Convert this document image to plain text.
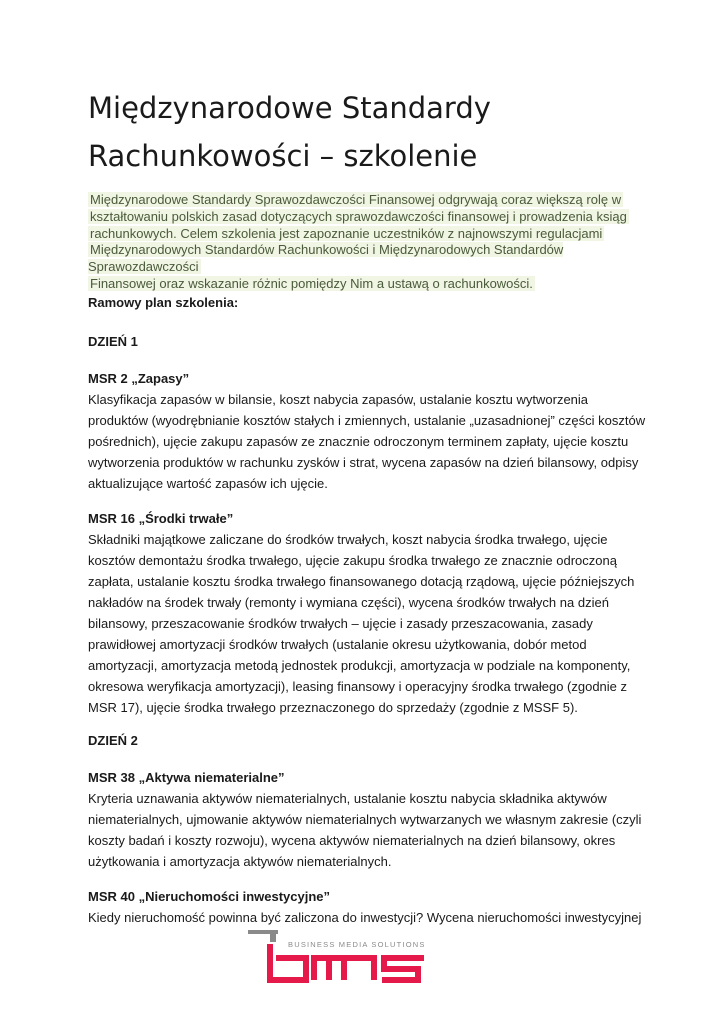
Międzynarodowe Standardy
Rachunkowości – szkolenie
Międzynarodowe Standardy Sprawozdawczości Finansowej odgrywają coraz większą rolę w
kształtowaniu polskich zasad dotyczących sprawozdawczości finansowej i prowadzenia ksiąg
rachunkowych. Celem szkolenia jest zapoznanie uczestników z najnowszymi regulacjami
Międzynarodowych Standardów Rachunkowości i Międzynarodowych Standardów Sprawozdawczości
Finansowej oraz wskazanie różnic pomiędzy Nim a ustawą o rachunkowości.
Ramowy plan szkolenia:
DZIEŃ 1
MSR 2 „Zapasy”
Klasyfikacja zapasów w bilansie, koszt nabycia zapasów, ustalanie kosztu wytworzenia
produktów (wyodrębnianie kosztów stałych i zmiennych, ustalanie „uzasadnionej” części kosztów
pośrednich), ujęcie zakupu zapasów ze znacznie odroczonym terminem zapłaty, ujęcie kosztu
wytworzenia produktów w rachunku zysków i strat, wycena zapasów na dzień bilansowy, odpisy
aktualizujące wartość zapasów ich ujęcie.
MSR 16 „Środki trwałe”
Składniki majątkowe zaliczane do środków trwałych, koszt nabycia środka trwałego, ujęcie
kosztów demontażu środka trwałego, ujęcie zakupu środka trwałego ze znacznie odroczoną
zapłata, ustalanie kosztu środka trwałego finansowanego dotacją rządową, ujęcie późniejszych
nakładów na środek trwały (remonty i wymiana części), wycena środków trwałych na dzień
bilansowy, przeszacowanie środków trwałych – ujęcie i zasady przeszacowania, zasady
prawidłowej amortyzacji środków trwałych (ustalanie okresu użytkowania, dobór metod
amortyzacji, amortyzacja metodą jednostek produkcji, amortyzacja w podziale na komponenty,
okresowa weryfikacja amortyzacji), leasing finansowy i operacyjny środka trwałego (zgodnie z
MSR 17), ujęcie środka trwałego przeznaczonego do sprzedaży (zgodnie z MSSF 5).
DZIEŃ 2
MSR 38 „Aktywa niematerialne”
Kryteria uznawania aktywów niematerialnych, ustalanie kosztu nabycia składnika aktywów
niematerialnych, ujmowanie aktywów niematerialnych wytwarzanych we własnym zakresie (czyli
koszty badań i koszty rozwoju), wycena aktywów niematerialnych na dzień bilansowy, okres
użytkowania i amortyzacja aktywów niematerialnych.
MSR 40 „Nieruchomości inwestycyjne”
Kiedy nieruchomość powinna być zaliczona do inwestycji? Wycena nieruchomości inwestycyjnej
BUSINESS MEDIA SOLUTIONS
bms
